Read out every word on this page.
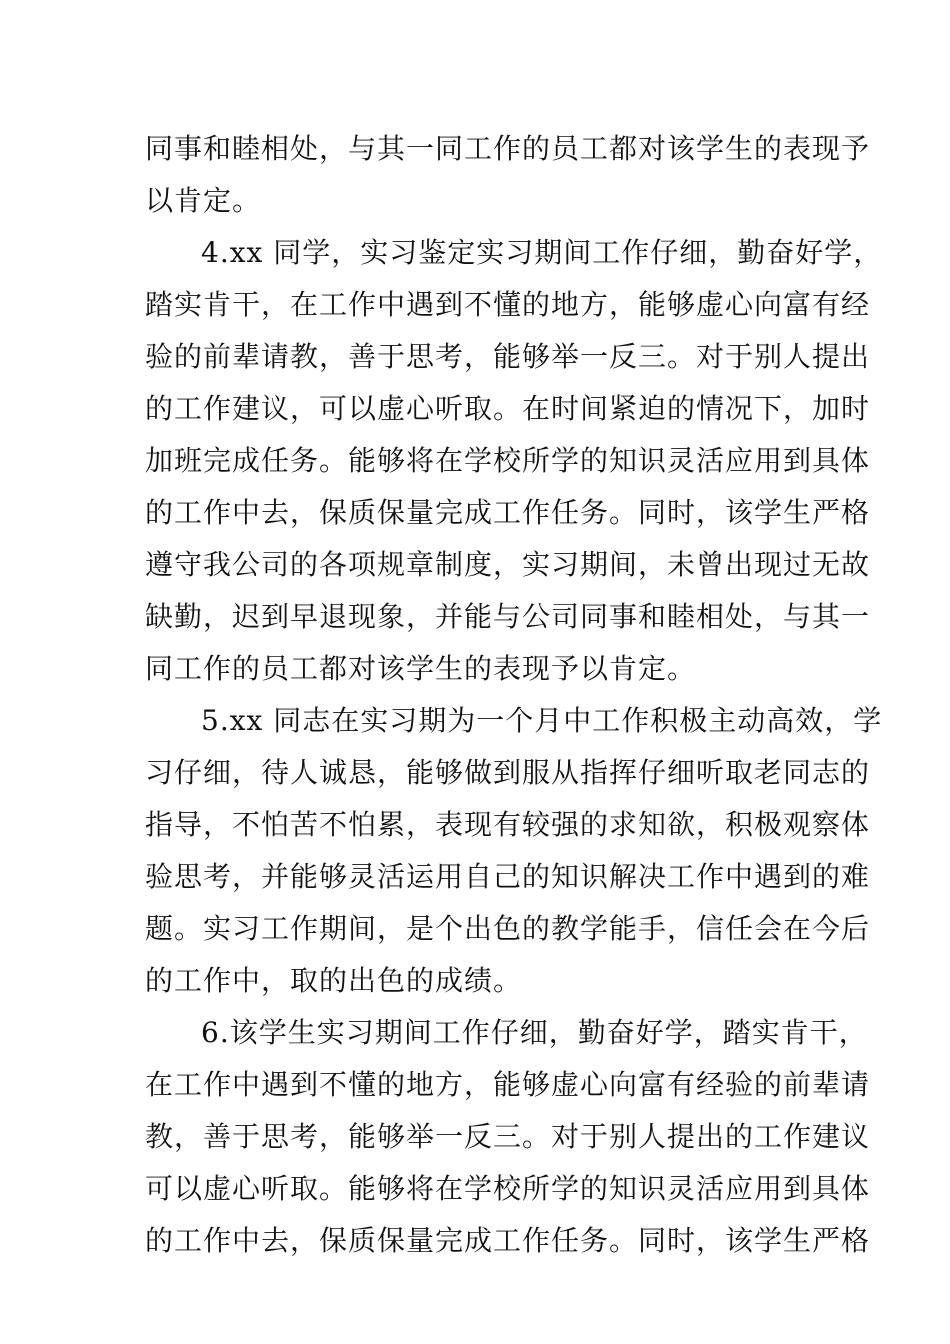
同事和睦相处，与其一同工作的员工都对该学生的表现予
以肯定。
4.xx 同学，实习鉴定实习期间工作仔细，勤奋好学，
踏实肯干，在工作中遇到不懂的地方，能够虚心向富有经
验的前辈请教，善于思考，能够举一反三。对于别人提出
的工作建议，可以虚心听取。在时间紧迫的情况下，加时
加班完成任务。能够将在学校所学的知识灵活应用到具体
的工作中去，保质保量完成工作任务。同时，该学生严格
遵守我公司的各项规章制度，实习期间，未曾出现过无故
缺勤，迟到早退现象，并能与公司同事和睦相处，与其一
同工作的员工都对该学生的表现予以肯定。
5.xx 同志在实习期为一个月中工作积极主动高效，学
习仔细，待人诚恳，能够做到服从指挥仔细听取老同志的
指导，不怕苦不怕累，表现有较强的求知欲，积极观察体
验思考，并能够灵活运用自己的知识解决工作中遇到的难
题。实习工作期间，是个出色的教学能手，信任会在今后
的工作中，取的出色的成绩。
6.该学生实习期间工作仔细，勤奋好学，踏实肯干，
在工作中遇到不懂的地方，能够虚心向富有经验的前辈请
教，善于思考，能够举一反三。对于别人提出的工作建议
可以虚心听取。能够将在学校所学的知识灵活应用到具体
的工作中去，保质保量完成工作任务。同时，该学生严格
